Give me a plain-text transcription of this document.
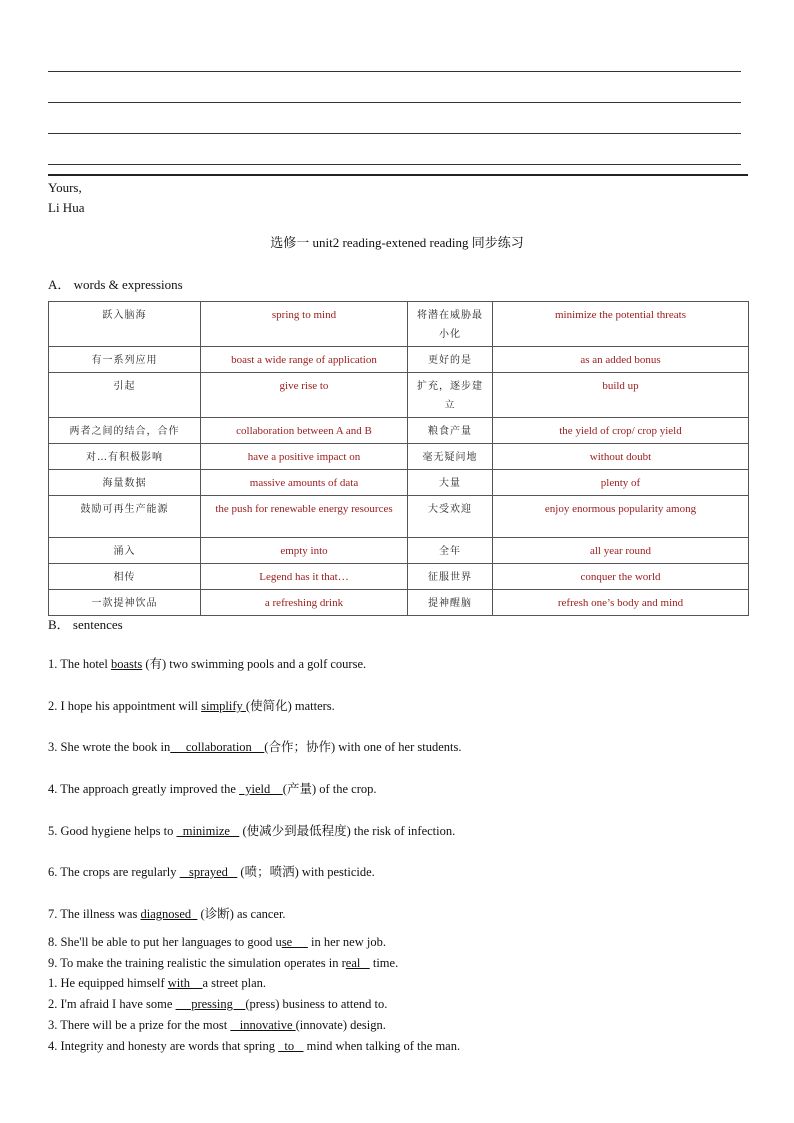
Yours,
Li Hua
选修一 unit2 reading-extened reading 同步练习
A． words & expressions
跃入脑海	spring to mind	将潜在威胁最小化	minimize the potential threats
有一系列应用	boast a wide range of application	更好的是	as an added bonus
引起	give rise to	扩充，逐步建立	build up
两者之间的结合，合作	collaboration between A and B	粮食产量	the yield of crop/ crop yield
对…有积极影响	have a positive impact on	毫无疑问地	without doubt
海量数据	massive amounts of data	大量	plenty of
鼓励可再生产能源	the push for renewable energy resources	大受欢迎	enjoy enormous popularity among
涌入	empty into	全年	all year round
相传	Legend has it that…	征服世界	conquer the world
一款提神饮品	a refreshing drink	提神醒脑	refresh one’s body and mind
B． sentences
1. The hotel boasts (有) two swimming pools and a golf course.
2. I hope his appointment will simplify (使简化) matters.
3. She wrote the book in     collaboration    (合作；协作) with one of her students.
4. The approach greatly improved the   yield    (产量) of the crop.
5. Good hygiene helps to   minimize    (使减少到最低程度) the risk of infection.
6. The crops are regularly    sprayed    (喷；喷洒) with pesticide.
7. The illness was diagnosed   (诊断) as cancer.
8. She'll be able to put her languages to good use      in her new job.
9. To make the training realistic the simulation operates in real    time.
1. He equipped himself with    a street plan.
2. I'm afraid I have some      pressing    (press) business to attend to.
3. There will be a prize for the most    innovative (innovate) design.
4. Integrity and honesty are words that spring   to    mind when talking of the man.
